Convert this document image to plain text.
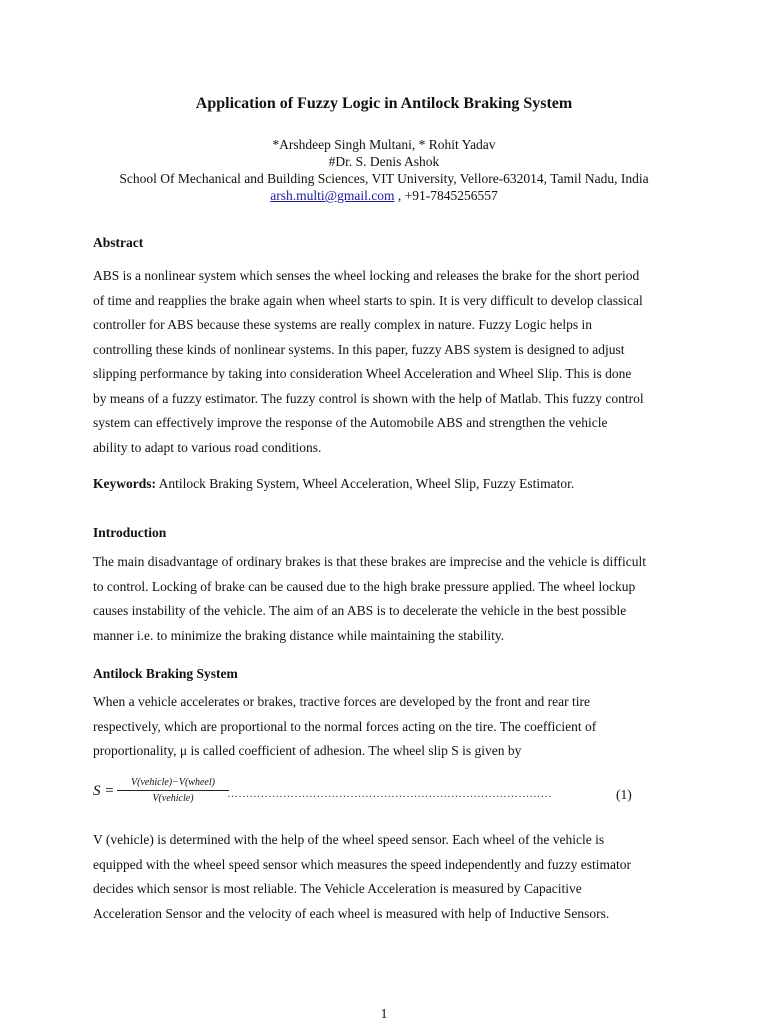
Application of Fuzzy Logic in Antilock Braking System
*Arshdeep Singh Multani, * Rohit Yadav
#Dr. S. Denis Ashok
School Of Mechanical and Building Sciences, VIT University, Vellore-632014, Tamil Nadu, India
arsh.multi@gmail.com , +91-7845256557
Abstract
ABS is a nonlinear system which senses the wheel locking and releases the brake for the short period
of time and reapplies the brake again when wheel starts to spin. It is very difficult to develop classical
controller for ABS because these systems are really complex in nature. Fuzzy Logic helps in
controlling these kinds of nonlinear systems. In this paper, fuzzy ABS system is designed to adjust
slipping performance by taking into consideration Wheel Acceleration and Wheel Slip. This is done
by means of a fuzzy estimator. The fuzzy control is shown with the help of Matlab. This fuzzy control
system can effectively improve the response of the Automobile ABS and strengthen the vehicle
ability to adapt to various road conditions.
Keywords: Antilock Braking System, Wheel Acceleration, Wheel Slip, Fuzzy Estimator.
Introduction
The main disadvantage of ordinary brakes is that these brakes are imprecise and the vehicle is difficult
to control. Locking of brake can be caused due to the high brake pressure applied. The wheel lockup
causes instability of the vehicle. The aim of an ABS is to decelerate the vehicle in the best possible
manner i.e. to minimize the braking distance while maintaining the stability.
Antilock Braking System
When a vehicle accelerates or brakes, tractive forces are developed by the front and rear tire
respectively, which are proportional to the normal forces acting on the tire. The coefficient of
proportionality, μ is called coefficient of adhesion. The wheel slip S is given by
S =
V(vehicle)−V(wheel)
V(vehicle)	……………………………………………………………………………	(1)
V (vehicle) is determined with the help of the wheel speed sensor. Each wheel of the vehicle is
equipped with the wheel speed sensor which measures the speed independently and fuzzy estimator
decides which sensor is most reliable. The Vehicle Acceleration is measured by Capacitive
Acceleration Sensor and the velocity of each wheel is measured with help of Inductive Sensors.
1
